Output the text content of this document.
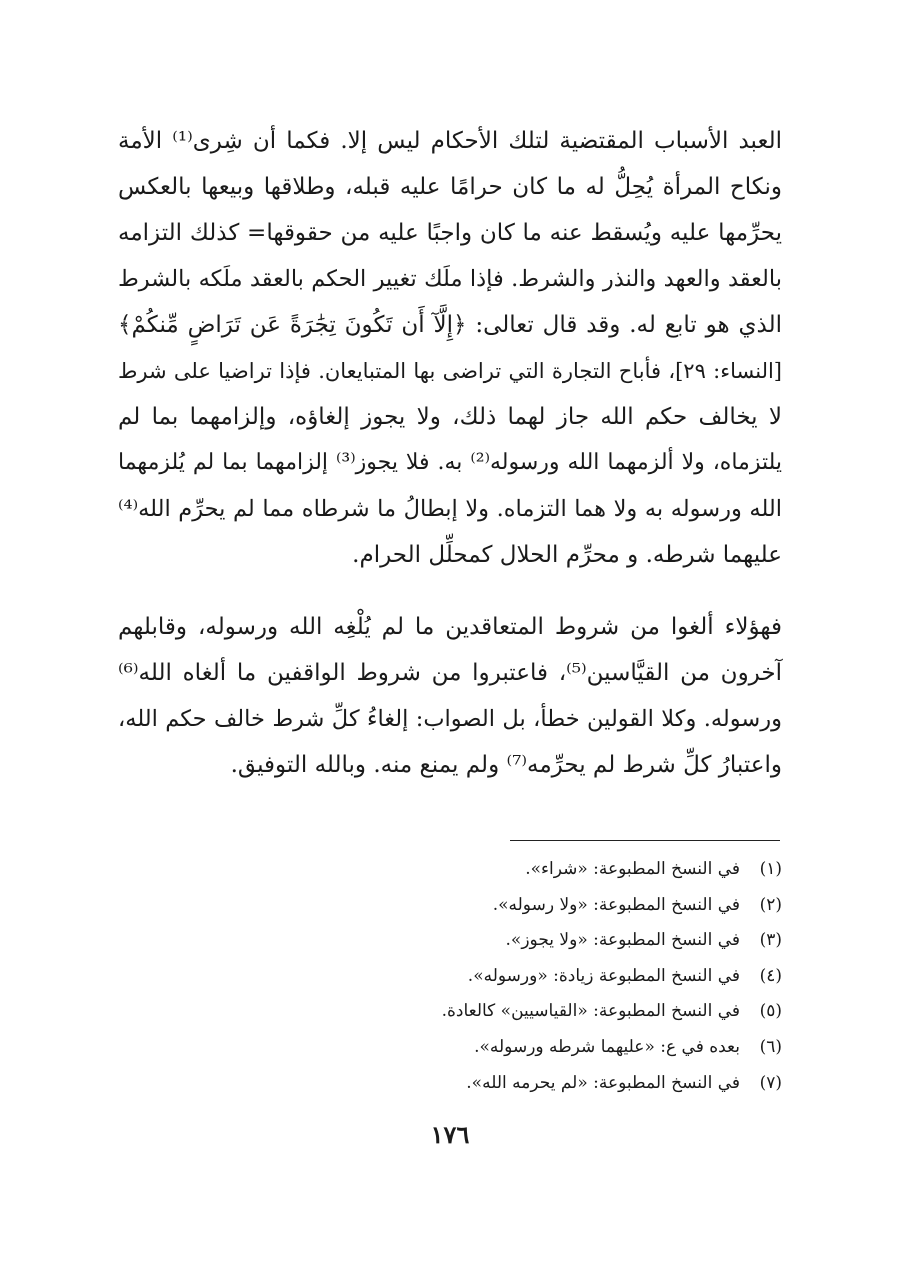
العبد الأسباب المقتضية لتلك الأحكام ليس إلا. فكما أن شِرى⁽¹⁾ الأمة
ونكاح المرأة يُحِلُّ له ما كان حرامًا عليه قبله، وطلاقها وبيعها بالعكس
يحرِّمها عليه ويُسقط عنه ما كان واجبًا عليه من حقوقها= كذلك التزامه
بالعقد والعهد والنذر والشرط. فإذا ملَك تغيير الحكم بالعقد ملَكه بالشرط
الذي هو تابع له. وقد قال تعالى: ﴿إِلَّآ أَن تَكُونَ تِجَٰرَةً عَن تَرَاضٍ مِّنكُمْ﴾
[النساء: ٢٩]، فأباح التجارة التي تراضى بها المتبايعان. فإذا تراضيا على شرط
لا يخالف حكم الله جاز لهما ذلك، ولا يجوز إلغاؤه، وإلزامهما بما لم
يلتزماه، ولا ألزمهما الله ورسوله⁽²⁾ به. فلا يجوز⁽³⁾ إلزامهما بما لم يُلزمهما
الله ورسوله به ولا هما التزماه. ولا إبطالُ ما شرطاه مما لم يحرِّم الله⁽⁴⁾
عليهما شرطه. و محرِّم الحلال كمحلِّل الحرام.
فهؤلاء ألغوا من شروط المتعاقدين ما لم يُلْغِه الله ورسوله، وقابلهم
آخرون من القيَّاسين⁽⁵⁾، فاعتبروا من شروط الواقفين ما ألغاه الله⁽⁶⁾
ورسوله. وكلا القولين خطأ، بل الصواب: إلغاءُ كلِّ شرط خالف حكم الله،
واعتبارُ كلِّ شرط لم يحرِّمه⁽⁷⁾ ولم يمنع منه. وبالله التوفيق.
(١)
في النسخ المطبوعة: «شراء».
(٢)
في النسخ المطبوعة: «ولا رسوله».
(٣)
في النسخ المطبوعة: «ولا يجوز».
(٤)
في النسخ المطبوعة زيادة: «ورسوله».
(٥)
في النسخ المطبوعة: «القياسيين» كالعادة.
(٦)
بعده في ع: «عليهما شرطه ورسوله».
(٧)
في النسخ المطبوعة: «لم يحرمه الله».
١٧٦
